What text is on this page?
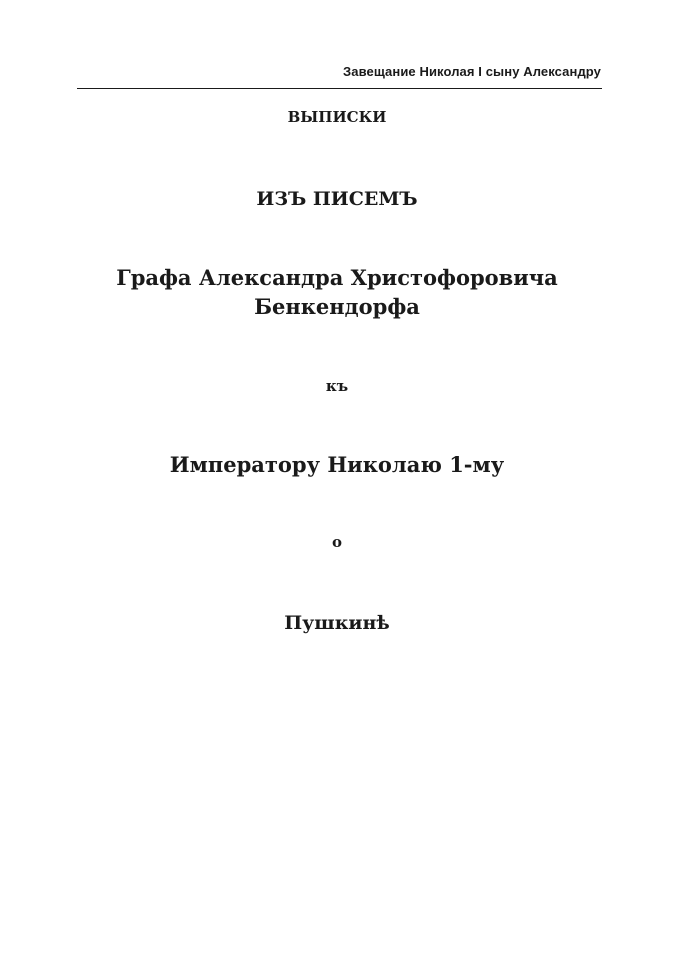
Завещание Николая I сыну Александру
ВЫПИСКИ
ИЗЪ ПИСЕМЪ
Графа Александра Христофоровича
Бенкендорфа
къ
Императору Николаю 1-му
о
Пушкинѣ
